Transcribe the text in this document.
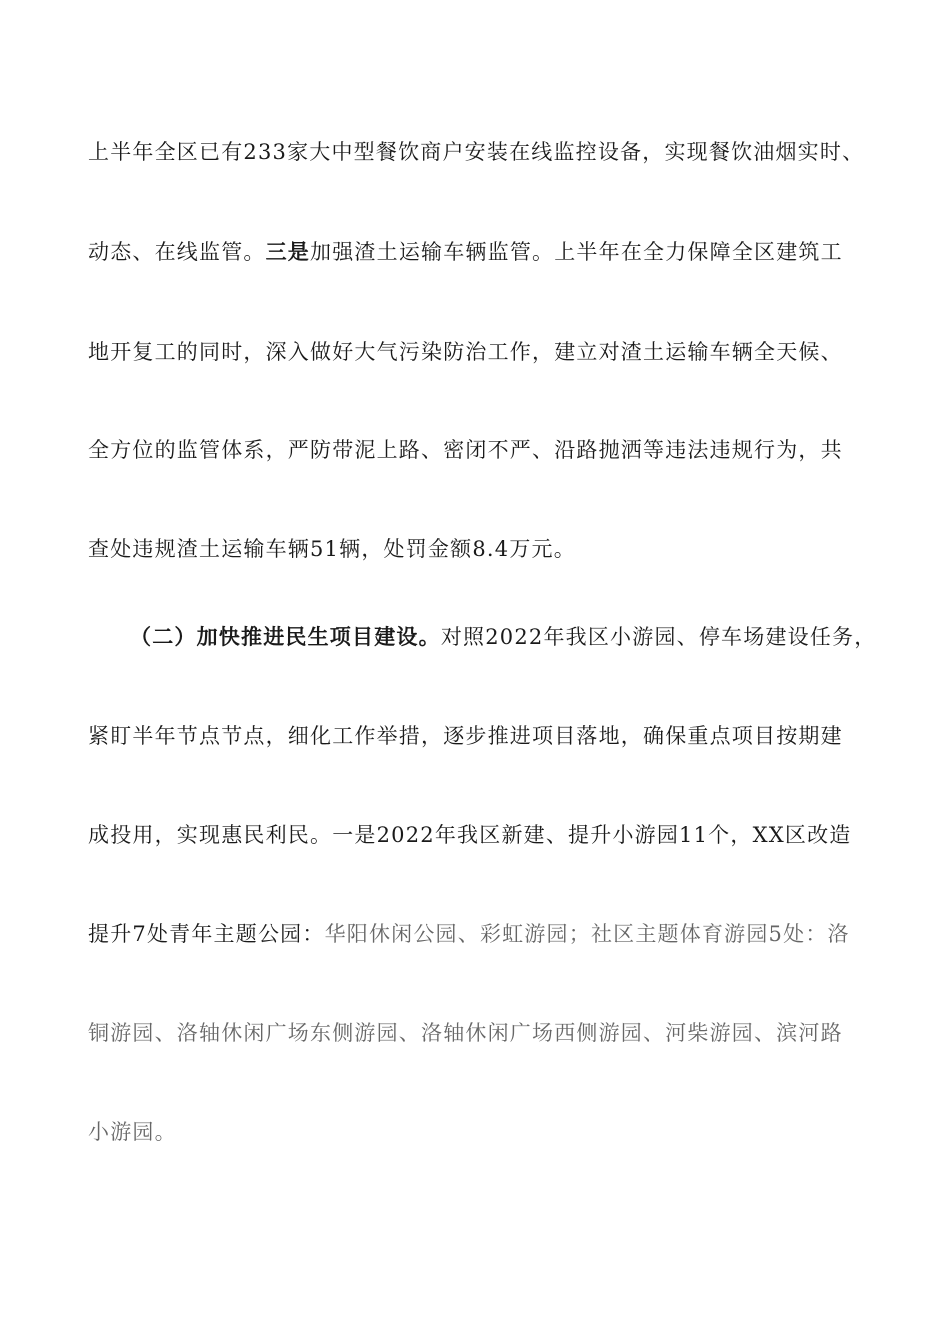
上半年全区已有233家大中型餐饮商户安装在线监控设备，实现餐饮油烟实时、
动态、在线监管。三是加强渣土运输车辆监管。上半年在全力保障全区建筑工
地开复工的同时，深入做好大气污染防治工作，建立对渣土运输车辆全天候、
全方位的监管体系，严防带泥上路、密闭不严、沿路抛洒等违法违规行为，共
查处违规渣土运输车辆51辆，处罚金额8.4万元。
（二）加快推进民生项目建设。对照2022年我区小游园、停车场建设任务，
紧盯半年节点节点，细化工作举措，逐步推进项目落地，确保重点项目按期建
成投用，实现惠民利民。一是2022年我区新建、提升小游园11个，XX区改造
提升7处青年主题公园：华阳休闲公园、彩虹游园；社区主题体育游园5处：洛
铜游园、洛轴休闲广场东侧游园、洛轴休闲广场西侧游园、河柴游园、滨河路
小游园。
